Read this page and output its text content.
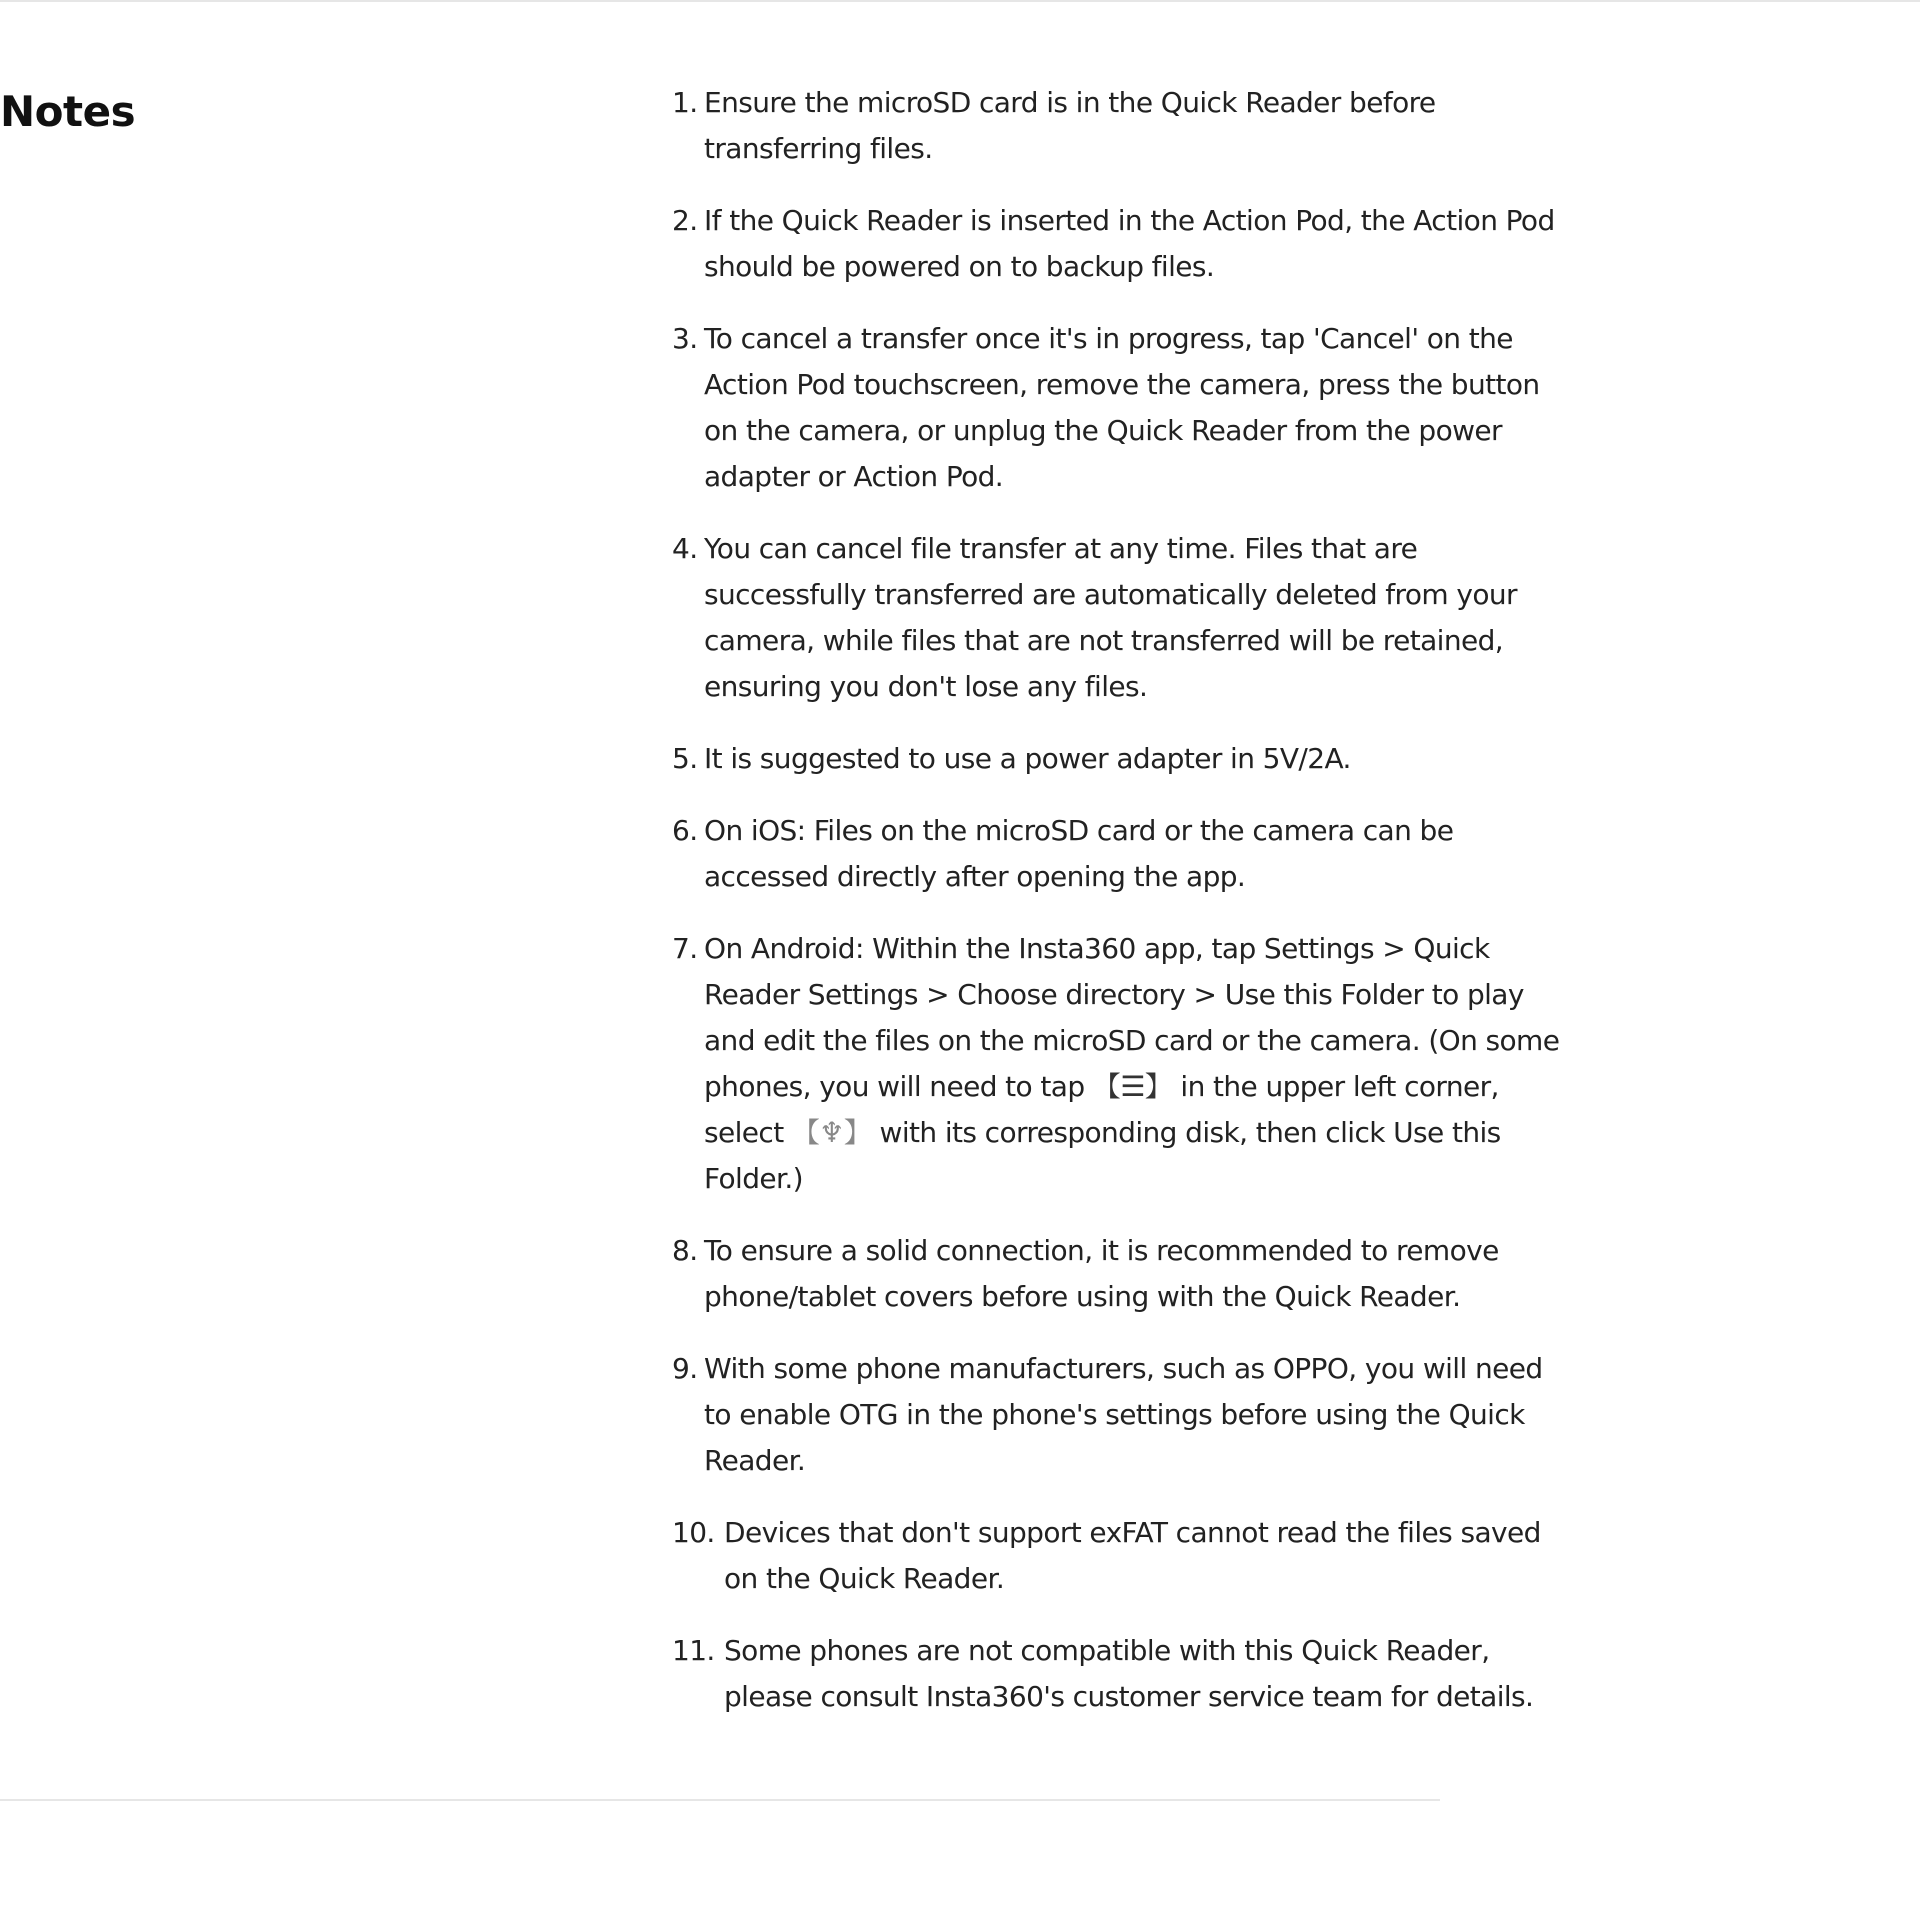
Notes	1. Ensure the microSD card is in the Quick Reader before transferring files.
2. If the Quick Reader is inserted in the Action Pod, the Action Pod should be powered on to backup files.
3. To cancel a transfer once it's in progress, tap 'Cancel' on the Action Pod touchscreen, remove the camera, press the button on the camera, or unplug the Quick Reader from the power adapter or Action Pod.
4. You can cancel file transfer at any time. Files that are successfully transferred are automatically deleted from your camera, while files that are not transferred will be retained, ensuring you don't lose any files.
5. It is suggested to use a power adapter in 5V/2A.
6. On iOS: Files on the microSD card or the camera can be accessed directly after opening the app.
7. On Android: Within the Insta360 app, tap Settings > Quick Reader Settings > Choose directory > Use this Folder to play and edit the files on the microSD card or the camera. (On some phones, you will need to tap 【☰】 in the upper left corner, select 【♆】 with its corresponding disk, then click Use this Folder.)
8. To ensure a solid connection, it is recommended to remove phone/tablet covers before using with the Quick Reader.
9. With some phone manufacturers, such as OPPO, you will need to enable OTG in the phone's settings before using the Quick Reader.
10. Devices that don't support exFAT cannot read the files saved on the Quick Reader.
11. Some phones are not compatible with this Quick Reader, please consult Insta360's customer service team for details.
